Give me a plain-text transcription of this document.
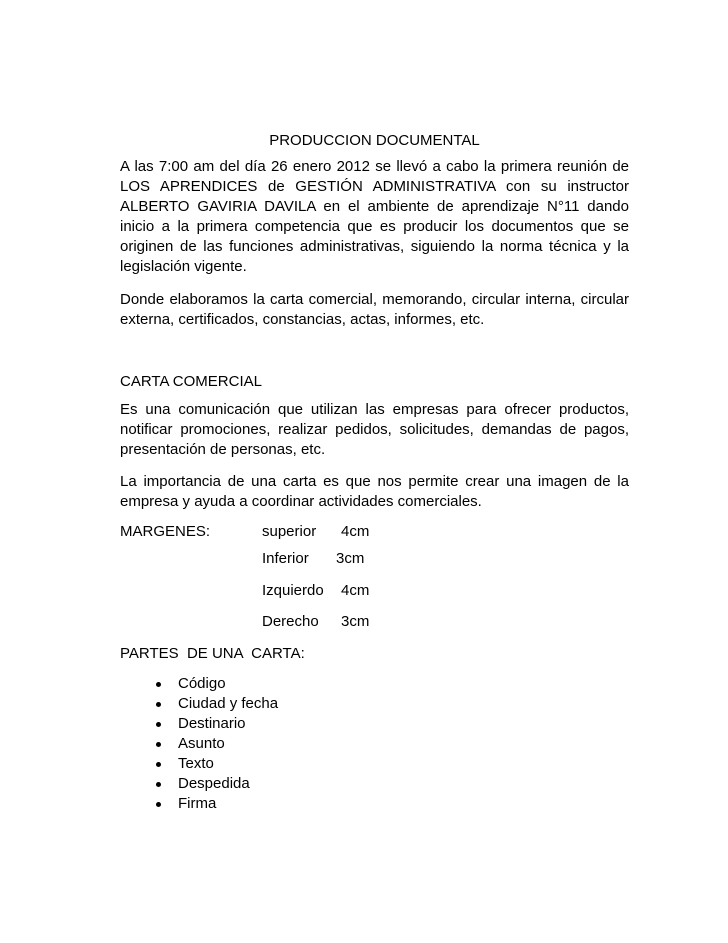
PRODUCCION DOCUMENTAL
A las 7:00 am del día 26 enero 2012 se llevó a cabo la primera reunión de LOS APRENDICES de GESTIÓN ADMINISTRATIVA con su instructor ALBERTO GAVIRIA DAVILA en el ambiente de aprendizaje N°11 dando inicio a la primera competencia que es producir los documentos que se originen de las funciones administrativas, siguiendo la norma técnica y la legislación vigente.
Donde elaboramos la carta comercial, memorando, circular interna, circular externa, certificados, constancias, actas, informes, etc.
CARTA COMERCIAL
Es una comunicación que utilizan las empresas para ofrecer productos, notificar promociones, realizar pedidos, solicitudes, demandas de pagos, presentación de personas, etc.
La importancia de una carta es que nos permite crear una imagen de la empresa y ayuda a coordinar actividades comerciales.
MARGENES:	superior 4cm
Inferior 3cm
Izquierdo 4cm
Derecho 3cm
PARTES  DE UNA  CARTA:
Código
Ciudad y fecha
Destinario
Asunto
Texto
Despedida
Firma
